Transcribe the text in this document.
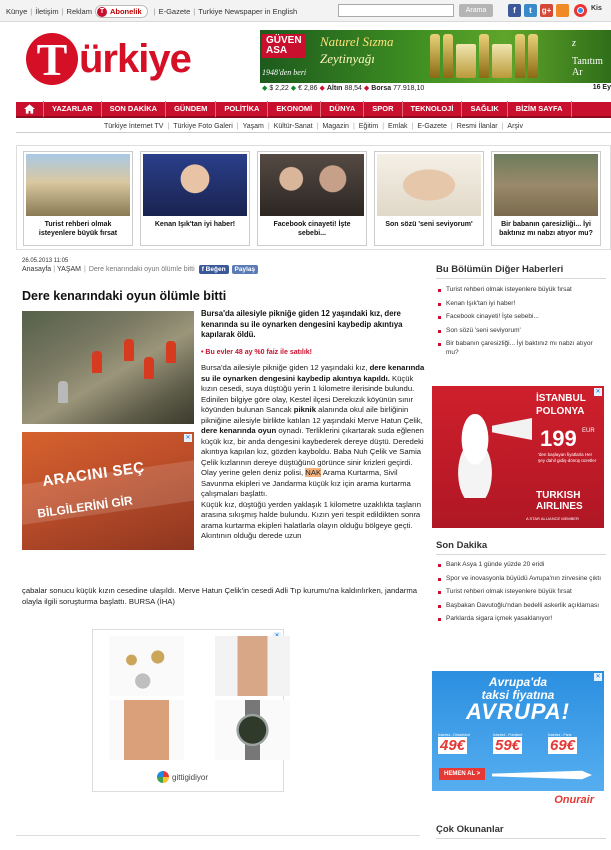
Künye | İletişim | Reklam	T Abonelik | E-Gazete | Turkiye Newspaper in English	Arama	f	t	g+	Kis
T ürkiye	GÜVEN
ASA
Naturel Sızma
Zeytinyağı
1948'den beri
z
Tanıtım Ar
◆ $ 2,22 ◆ € 2,86 ◆ Altın 88,54 ◆ Borsa 77.918,10	16 Ey
YAZARLAR	SON DAKİKA	GÜNDEM	POLİTİKA	EKONOMİ	DÜNYA	SPOR	TEKNOLOJİ	SAĞLIK	BİZİM SAYFA
Türkiye İnternet TV | Türkiye Foto Galeri | Yaşam | Kültür-Sanat | Magazin | Eğitim | Emlak | E-Gazete | Resmi İlanlar | Arşiv
Turist rehberi olmak isteyenlere büyük fırsat
Kenan Işık'tan iyi haber!	Facebook cinayeti! İşte sebebi...
Son sözü 'seni seviyorum'	Bir babanın çaresizliği... İyi baktınız mı nabzı atıyor mu?
26.05.2013 11:05
Anasayfa | YAŞAM | Dere kenarındaki oyun ölümle bitti	f Beğen	Paylaş
Dere kenarındaki oyun ölümle bitti
Bursa'da ailesiyle pikniğe giden 12 yaşındaki kız, dere kenarında su ile oynarken dengesini kaybedip akıntıya kapılarak öldü.
• Bu evler 48 ay %0 faiz ile satılık!
Bursa'da ailesiyle pikniğe giden 12 yaşındaki kız, dere kenarında su ile oynarken dengesini kaybedip akıntıya kapıldı. Küçük kızın cesedi, suya düştüğü yerin 1 kilometre ilerisinde bulundu. Edinilen bilgiye göre olay, Kestel ilçesi Derekızık köyünün sınır köyünden bulunan Sancak piknik alanında okul aile birliğinin pikniğine ailesiyle birlikte katılan 12 yaşındaki Merve Hatun Çelik, dere kenarında oyun oynadı. Terliklerini çıkartarak suda eğlenen küçük kız, bir anda dengesini kaybederek dereye düştü. Deredeki akıntıya kapılan kız, gözden kayboldu. Baba Nuh Çelik ve Samia Çelik kızlarının dereye düştüğünü görünce sinir krizleri geçirdi. Olay yerine gelen deniz polisi, NAK Arama Kurtarma, Sivil Savunma ekipleri ve Jandarma küçük kız için arama kurtarma çalışmaları başlattı.
Küçük kız, düştüğü yerden yaklaşık 1 kilometre uzaklıkta taşların arasına sıkışmış halde bulundu. Kızın yeri tespit edildikten sonra arama kurtarma ekipleri halatlarla olayın olduğu bölgeye geçti. Akıntının olduğu derede uzun
çabalar sonucu küçük kızın cesedine ulaşıldı. Merve Hatun Çelik'in cesedi Adli Tıp kurumu'na kaldırılırken, jandarma olayla ilgili soruşturma başlattı. BURSA (İHA)
✕
ARACINI SEÇ
BİLGİLERİNİ GİR
gittigidiyor
Bu Bölümün Diğer Haberleri
Turist rehberi olmak isteyenlere büyük fırsat
Kenan Işık'tan iyi haber!
Facebook cinayeti! İşte sebebi...
Son sözü 'seni seviyorum'
Bir babanın çaresizliği... İyi baktınız mı nabzı atıyor mu?
✕
İSTANBUL
POLONYA
199 EUR
'den başlayan fiyatlarla Her şey dahil gidiş-dönüş ücretler
TURKISH
AIRLINES
A STAR ALLIANCE MEMBER
Son Dakika
Bank Asya 1 günde yüzde 20 eridi
Spor ve inovasyonla büyüdü Avrupa'nın zirvesine çıktı
Turist rehberi olmak isteyenlere büyük fırsat
Başbakan Davutoğlu'ndan bedelli askerlik açıklaması
Parklarda sigara içmek yasaklanıyor!
✕
Avrupa'da
taksi fiyatına
AVRUPA!
İstanbul - Düsseldorf
49€
İstanbul - Frankfurt
59€
İstanbul - Paris
69€
HEMEN AL >
Onurair
Çok Okunanlar
